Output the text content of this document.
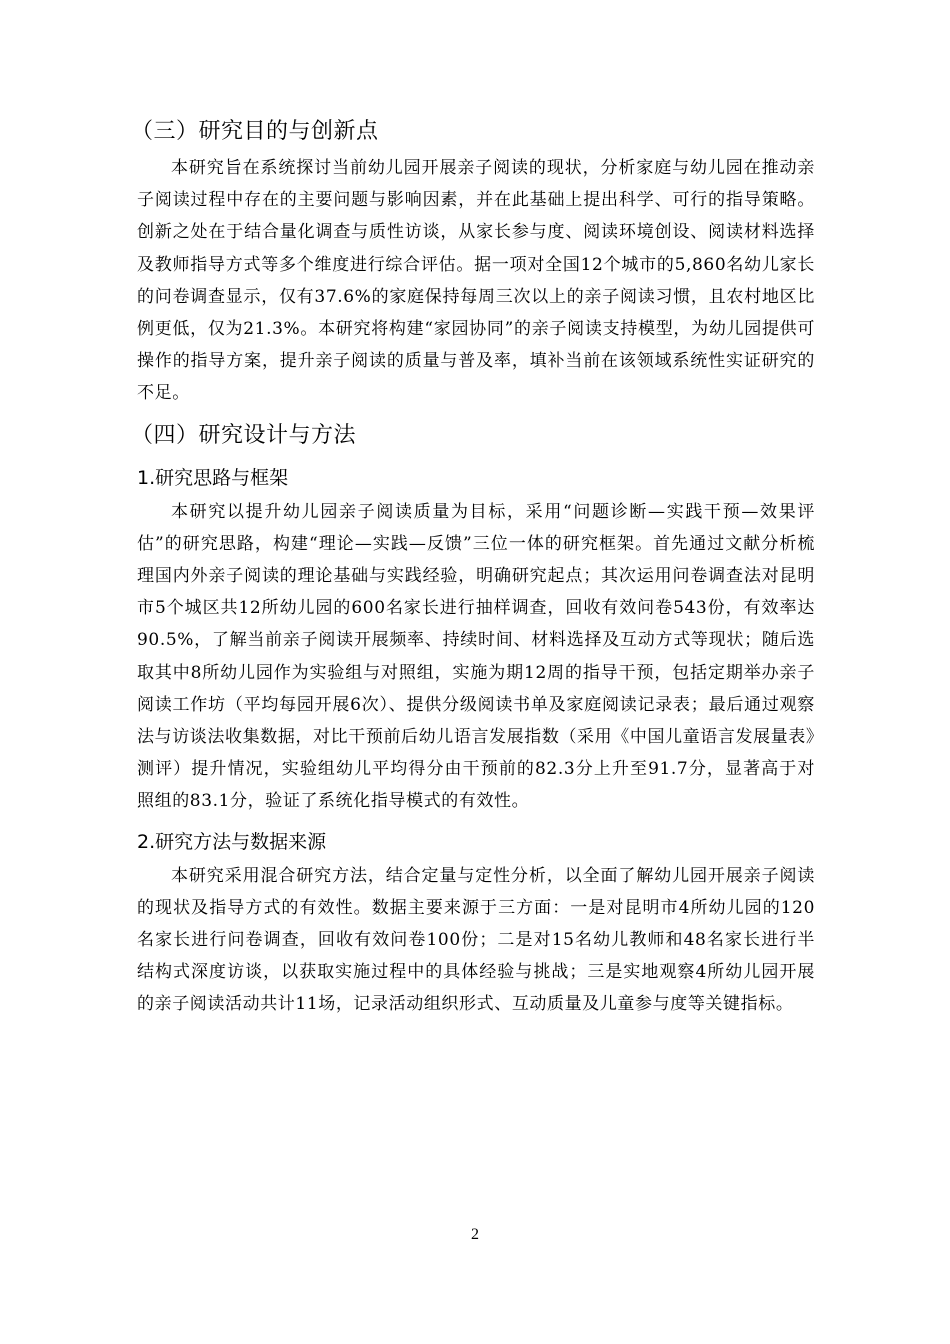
（三）研究目的与创新点

本研究旨在系统探讨当前幼儿园开展亲子阅读的现状，分析家庭与幼儿园在推动亲子阅读过程中存在的主要问题与影响因素，并在此基础上提出科学、可行的指导策略。创新之处在于结合量化调查与质性访谈，从家长参与度、阅读环境创设、阅读材料选择及教师指导方式等多个维度进行综合评估。据一项对全国12个城市的5,860名幼儿家长的问卷调查显示，仅有37.6%的家庭保持每周三次以上的亲子阅读习惯，且农村地区比例更低，仅为21.3%。本研究将构建“家园协同”的亲子阅读支持模型，为幼儿园提供可操作的指导方案，提升亲子阅读的质量与普及率，填补当前在该领域系统性实证研究的不足。

（四）研究设计与方法
1.研究思路与框架

本研究以提升幼儿园亲子阅读质量为目标，采用“问题诊断—实践干预—效果评估”的研究思路，构建“理论—实践—反馈”三位一体的研究框架。首先通过文献分析梳理国内外亲子阅读的理论基础与实践经验，明确研究起点；其次运用问卷调查法对昆明市5个城区共12所幼儿园的600名家长进行抽样调查，回收有效问卷543份，有效率达90.5%，了解当前亲子阅读开展频率、持续时间、材料选择及互动方式等现状；随后选取其中8所幼儿园作为实验组与对照组，实施为期12周的指导干预，包括定期举办亲子阅读工作坊（平均每园开展6次）、提供分级阅读书单及家庭阅读记录表；最后通过观察法与访谈法收集数据，对比干预前后幼儿语言发展指数（采用《中国儿童语言发展量表》测评）提升情况，实验组幼儿平均得分由干预前的82.3分上升至91.7分，显著高于对照组的83.1分，验证了系统化指导模式的有效性。

2.研究方法与数据来源

本研究采用混合研究方法，结合定量与定性分析，以全面了解幼儿园开展亲子阅读的现状及指导方式的有效性。数据主要来源于三方面：一是对昆明市4所幼儿园的120名家长进行问卷调查，回收有效问卷100份；二是对15名幼儿教师和48名家长进行半结构式深度访谈，以获取实施过程中的具体经验与挑战；三是实地观察4所幼儿园开展的亲子阅读活动共计11场，记录活动组织形式、互动质量及儿童参与度等关键指标。

2
